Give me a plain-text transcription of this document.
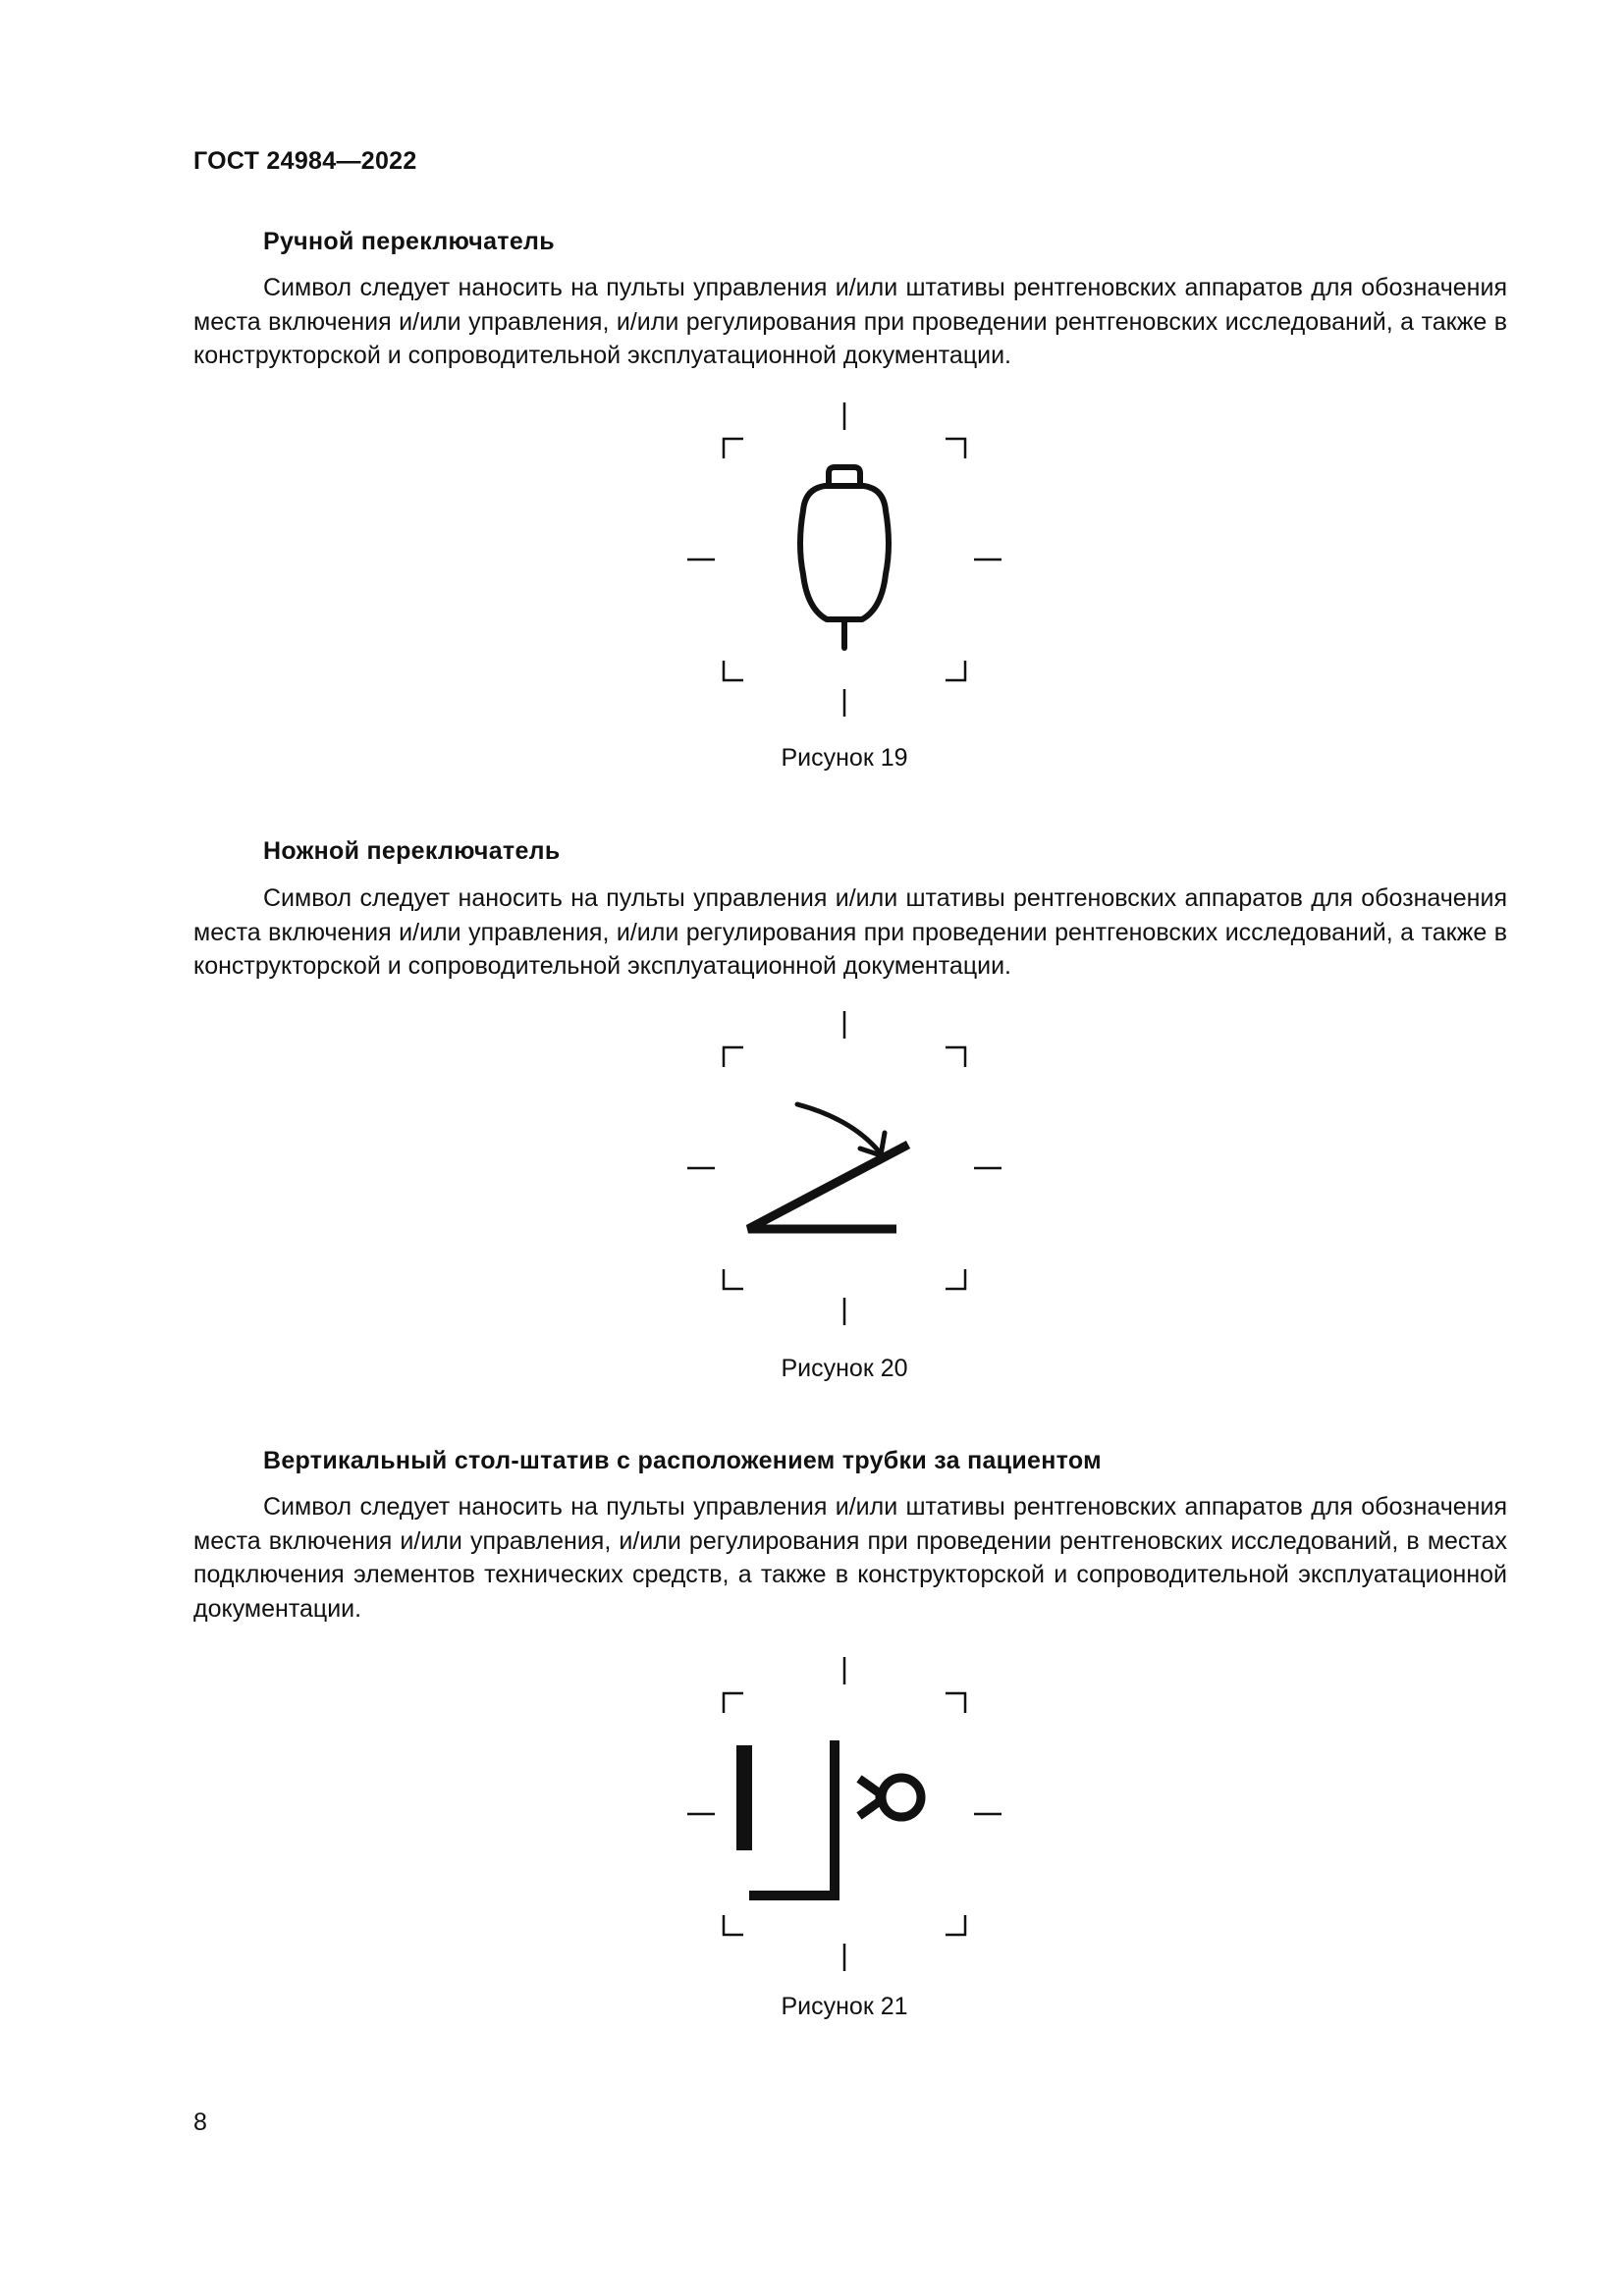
ГОСТ 24984—2022
Ручной переключатель

Символ следует наносить на пульты управления и/или штативы рентгеновских аппаратов для обозначения места включения и/или управления, и/или регулирования при проведении рентгеновских исследований, а также в конструкторской и сопроводительной эксплуатационной документации.

Рисунок 19
Ножной переключатель

Символ следует наносить на пульты управления и/или штативы рентгеновских аппаратов для обозначения места включения и/или управления, и/или регулирования при проведении рентгеновских исследований, а также в конструкторской и сопроводительной эксплуатационной документации.

Рисунок 20
Вертикальный стол-штатив с расположением трубки за пациентом

Символ следует наносить на пульты управления и/или штативы рентгеновских аппаратов для обозначения места включения и/или управления, и/или регулирования при проведении рентгеновских исследований, в местах подключения элементов технических средств, а также в конструкторской и сопроводительной эксплуатационной документации.

Рисунок 21
8
